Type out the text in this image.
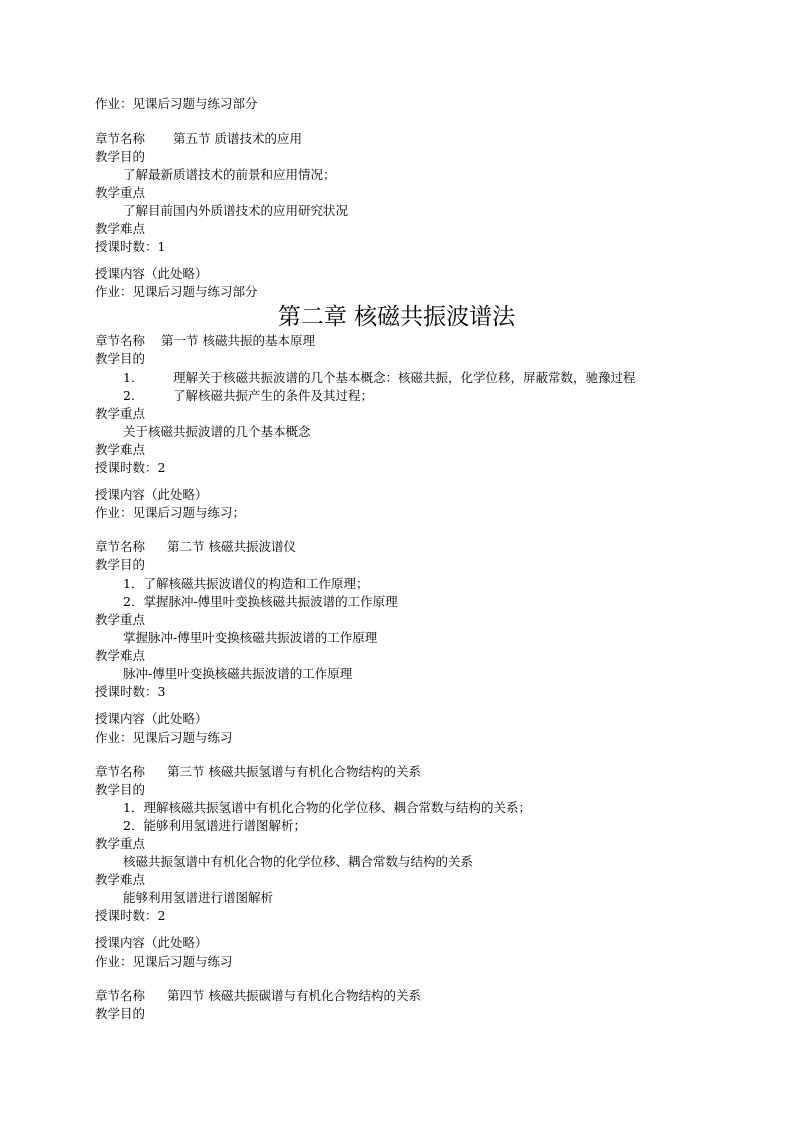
作业：见课后习题与练习部分
章节名称 第五节 质谱技术的应用
教学目的
了解最新质谱技术的前景和应用情况；
教学重点
了解目前国内外质谱技术的应用研究状况
教学难点
授课时数：1
授课内容（此处略）
作业：见课后习题与练习部分
第二章 核磁共振波谱法
章节名称 第一节 核磁共振的基本原理
教学目的
1.	理解关于核磁共振波谱的几个基本概念：核磁共振，化学位移，屏蔽常数，驰豫过程
2.	了解核磁共振产生的条件及其过程；
教学重点
关于核磁共振波谱的几个基本概念
教学难点
授课时数：2
授课内容（此处略）
作业：见课后习题与练习；
章节名称 第二节 核磁共振波谱仪
教学目的
1．了解核磁共振波谱仪的构造和工作原理；
2．掌握脉冲-傅里叶变换核磁共振波谱的工作原理
教学重点
掌握脉冲-傅里叶变换核磁共振波谱的工作原理
教学难点
脉冲-傅里叶变换核磁共振波谱的工作原理
授课时数：3
授课内容（此处略）
作业：见课后习题与练习
章节名称 第三节 核磁共振氢谱与有机化合物结构的关系
教学目的
1．理解核磁共振氢谱中有机化合物的化学位移、耦合常数与结构的关系；
2．能够利用氢谱进行谱图解析；
教学重点
核磁共振氢谱中有机化合物的化学位移、耦合常数与结构的关系
教学难点
能够利用氢谱进行谱图解析
授课时数：2
授课内容（此处略）
作业：见课后习题与练习
章节名称 第四节 核磁共振碳谱与有机化合物结构的关系
教学目的
